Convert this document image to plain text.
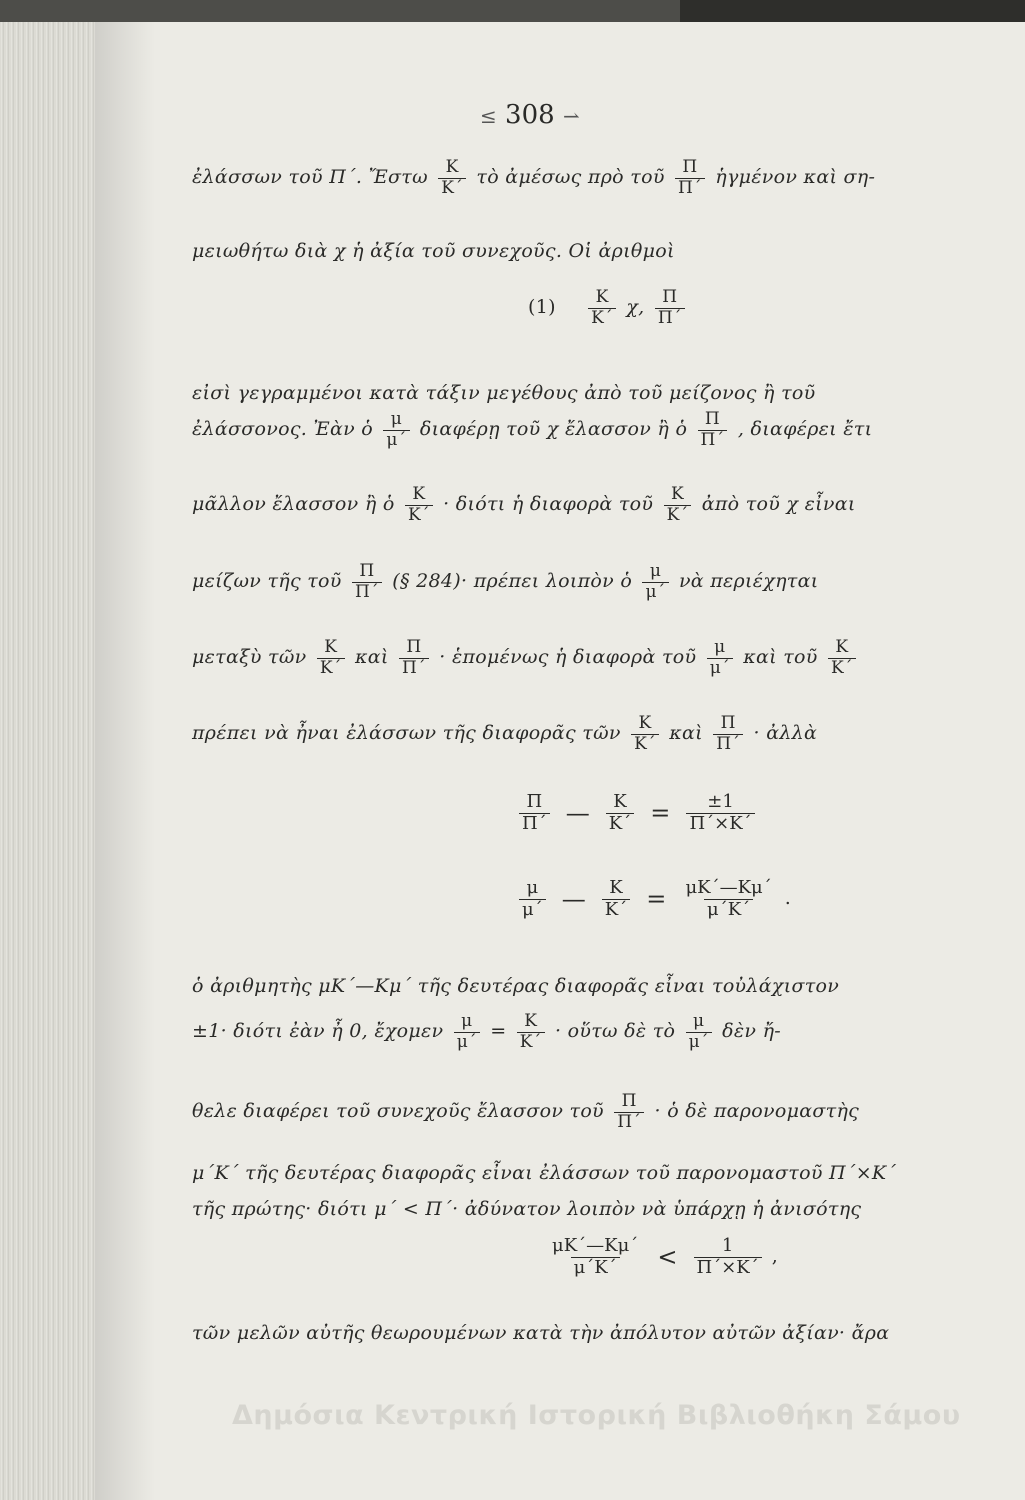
≤ 308 ⇀
ἐλάσσων τοῦ Π΄. Ἔστω $\frac{K}{K΄}$ τὸ ἀμέσως πρὸ τοῦ $\frac{\Pi}{\Pi΄}$ ἡγμένον καὶ ση-
μειωθήτω διὰ χ ἡ ἀξία τοῦ συνεχοῦς. Οἱ ἀριθμοὶ
$(1) \frac{K}{K΄} \chi$, $\frac{\Pi}{\Pi΄}$
εἰσὶ γεγραμμένοι κατὰ τάξιν μεγέθους ἀπὸ τοῦ μείζονος ἢ τοῦ
ἐλάσσονος. Ἐὰν ὁ $\frac{\mu}{\mu΄}$ διαφέρῃ τοῦ χ ἔλασσον ἢ ὁ $\frac{\Pi}{\Pi΄}$ , διαφέρει ἔτι
μᾶλλον ἔλασσον ἢ ὁ $\frac{K}{K΄} \cdot \delta\iota ό\tau\iota$ ἡ διαφορὰ τοῦ $\frac{K}{K΄}$ ἀπὸ τοῦ χ εἶναι
μείζων τῆς τοῦ $\frac{\Pi}{\Pi΄}$ (§ 284)· πρέπει λοιπὸν ὁ $\frac{\mu}{\mu΄}$ νὰ περιέχηται
μεταξὺ τῶν $\frac{K}{K΄}$ καὶ $\frac{\Pi}{\Pi΄}$ · ἑπομένως ἡ διαφορὰ τοῦ $\frac{\mu}{\mu΄}$ καὶ τοῦ $\frac{K}{K΄}$
πρέπει νὰ ἦναι ἐλάσσων τῆς διαφορᾶς τῶν $\frac{K}{K΄}$ καὶ $\frac{\Pi}{\Pi΄}$ · ἀλλὰ
$\frac{\Pi}{\Pi΄}$ — $\frac{K}{K΄} = \frac{\pm 1}{\Pi΄\times K΄}$
$\frac{\mu}{\mu΄}$ — $\frac{K}{K΄} = \frac{\mu K΄—K\mu΄}{\mu΄K΄}$ .
ὁ ἀριθμητὴς μΚ΄—Κμ΄ τῆς δευτέρας διαφορᾶς εἶναι τοὐλάχιστον
±1· διότι ἐὰν ἦ 0, ἔχομεν $\frac{\mu}{\mu΄} = \frac{K}{K΄}$ · οὕτω δὲ τὸ $\frac{\mu}{\mu΄}$ δὲν ἤ-
θελε διαφέρει τοῦ συνεχοῦς ἔλασσον τοῦ $\frac{\Pi}{\Pi΄}$ · ὁ δὲ παρονομαστὴς
μ΄Κ΄ τῆς δευτέρας διαφορᾶς εἶναι ἐλάσσων τοῦ παρονομαστοῦ Π΄×Κ΄
τῆς πρώτης· διότι μ΄ < Π΄· ἀδύνατον λοιπὸν νὰ ὑπάρχῃ ἡ ἀνισότης
$\frac{\mu K΄—K\mu΄}{\mu΄K΄} < \frac{1}{\Pi΄\times K΄}$ ,
τῶν μελῶν αὐτῆς θεωρουμένων κατὰ τὴν ἀπόλυτον αὐτῶν ἀξίαν· ἄρα
Δημόσια Κεντρική Ιστορική Βιβλιοθήκη Σάμου
